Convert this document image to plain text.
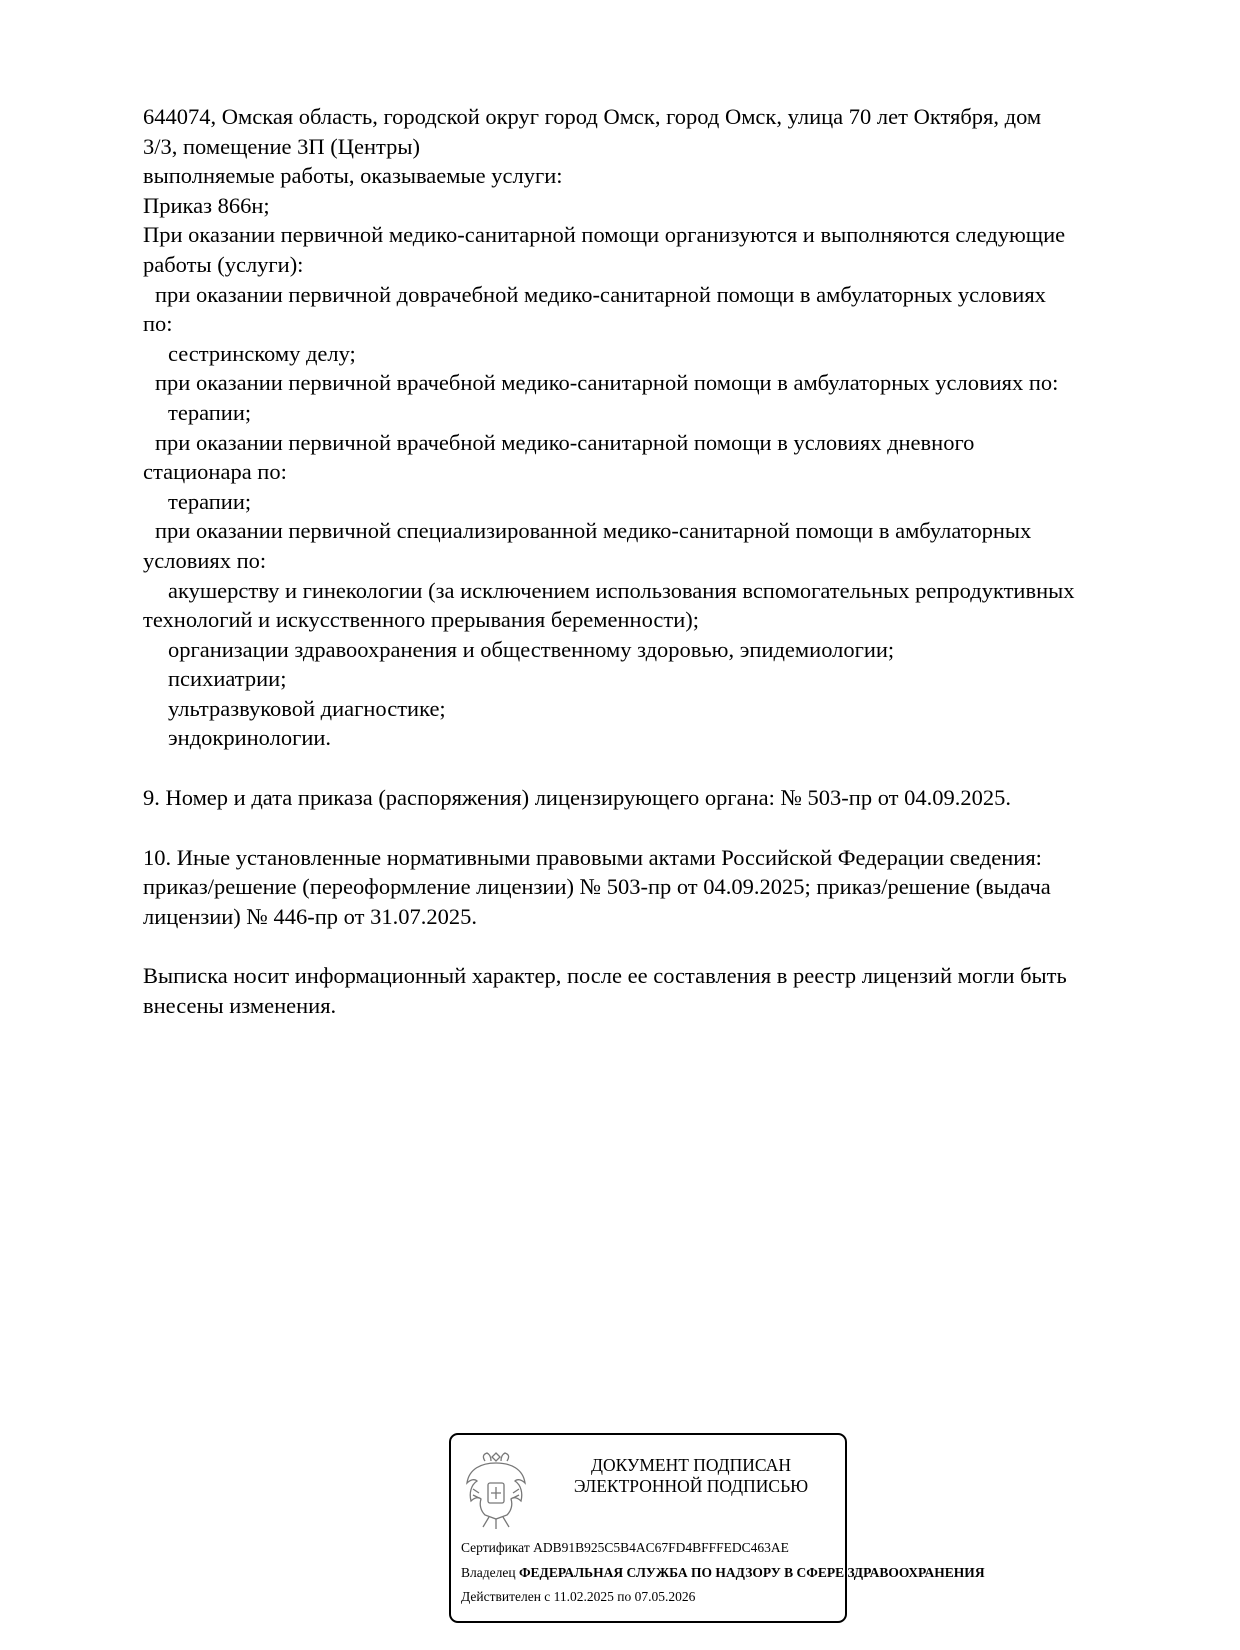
644074, Омская область, городской округ город Омск, город Омск, улица 70 лет Октября, дом
3/3, помещение 3П (Центры)
выполняемые работы, оказываемые услуги:
Приказ 866н;
При оказании первичной медико-санитарной помощи организуются и выполняются следующие
работы (услуги):
при оказании первичной доврачебной медико-санитарной помощи в амбулаторных условиях
по:
сестринскому делу;
при оказании первичной врачебной медико-санитарной помощи в амбулаторных условиях по:
терапии;
при оказании первичной врачебной медико-санитарной помощи в условиях дневного
стационара по:
терапии;
при оказании первичной специализированной медико-санитарной помощи в амбулаторных
условиях по:
акушерству и гинекологии (за исключением использования вспомогательных репродуктивных
технологий и искусственного прерывания беременности);
организации здравоохранения и общественному здоровью, эпидемиологии;
психиатрии;
ультразвуковой диагностике;
эндокринологии.
9. Номер и дата приказа (распоряжения) лицензирующего органа: № 503-пр от 04.09.2025.
10. Иные установленные нормативными правовыми актами Российской Федерации сведения:
приказ/решение (переоформление лицензии) № 503-пр от 04.09.2025; приказ/решение (выдача
лицензии) № 446-пр от 31.07.2025.
Выписка носит информационный характер, после ее составления в реестр лицензий могли быть
внесены изменения.
ДОКУМЕНТ ПОДПИСАН
ЭЛЕКТРОННОЙ ПОДПИСЬЮ
Сертификат ADB91B925C5B4AC67FD4BFFFEDC463AE
Владелец ФЕДЕРАЛЬНАЯ СЛУЖБА ПО НАДЗОРУ В СФЕРЕ ЗДРАВООХРАНЕНИЯ
Действителен с 11.02.2025 по 07.05.2026
